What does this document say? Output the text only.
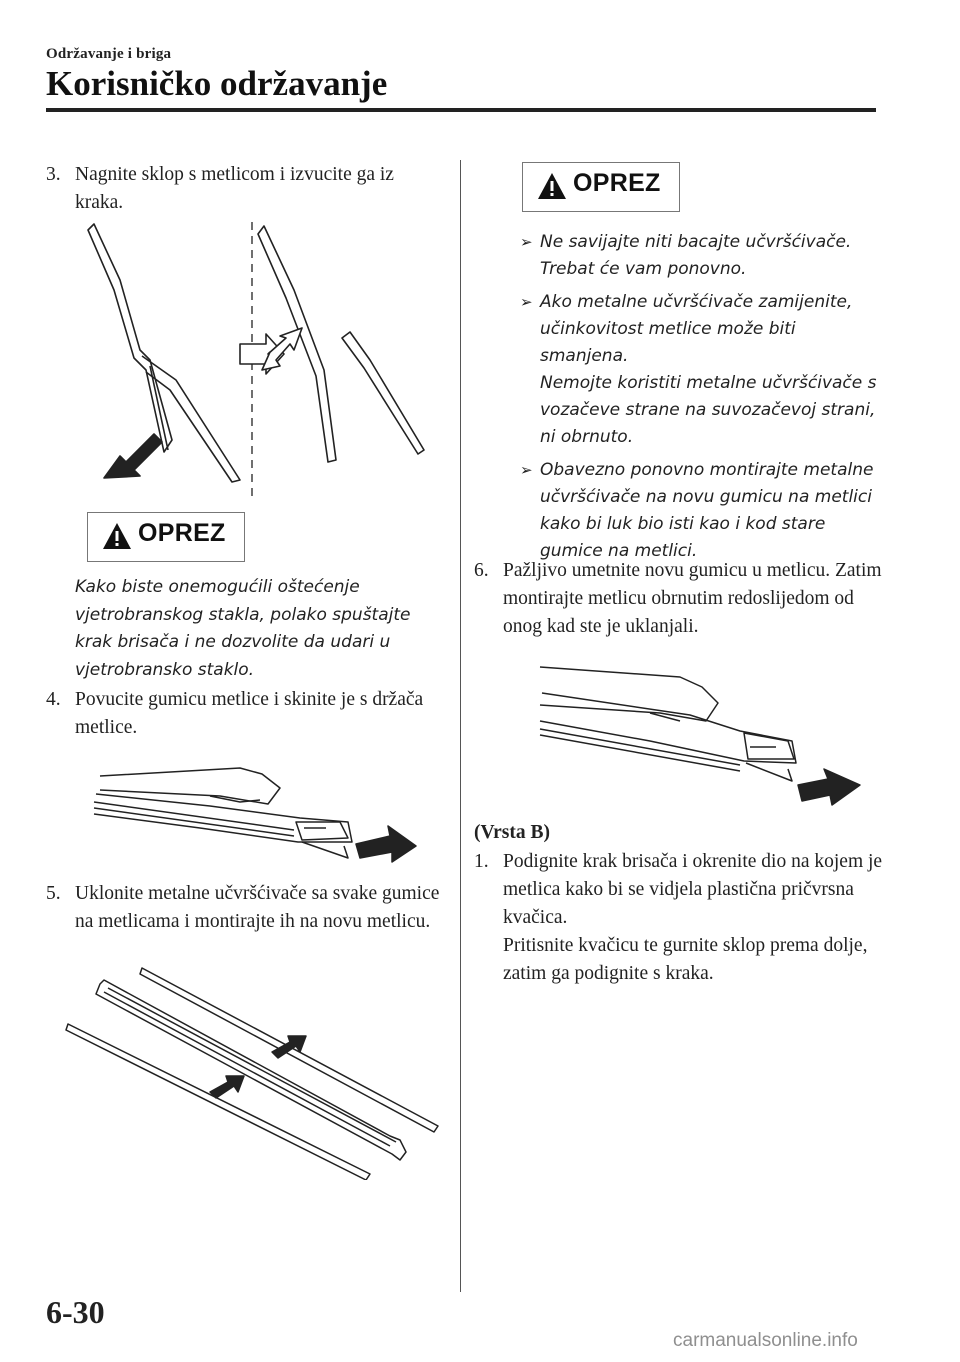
Održavanje i briga
Korisničko održavanje
3. Nagnite sklop s metlicom i izvucite ga iz kraka.
OPREZ
Kako biste onemogućili oštećenje vjetrobranskog stakla, polako spuštajte krak brisača i ne dozvolite da udari u vjetrobransko staklo.
4. Povucite gumicu metlice i skinite je s držača metlice.
5. Uklonite metalne učvršćivače sa svake gumice na metlicama i montirajte ih na novu metlicu.
OPREZ
➢ Ne savijajte niti bacajte učvršćivače. Trebat će vam ponovno.
➢ Ako metalne učvršćivače zamijenite, učinkovitost metlice može biti smanjena.
Nemojte koristiti metalne učvršćivače s vozačeve strane na suvozačevoj strani, ni obrnuto.
➢ Obavezno ponovno montirajte metalne učvršćivače na novu gumicu na metlici kako bi luk bio isti kao i kod stare gumice na metlici.
6. Pažljivo umetnite novu gumicu u metlicu. Zatim montirajte metlicu obrnutim redoslijedom od onog kad ste je uklanjali.
(Vrsta B)
1. Podignite krak brisača i okrenite dio na kojem je metlica kako bi se vidjela plastična pričvrsna kvačica.
Pritisnite kvačicu te gurnite sklop prema dolje, zatim ga podignite s kraka.
6-30
carmanualsonline.info
